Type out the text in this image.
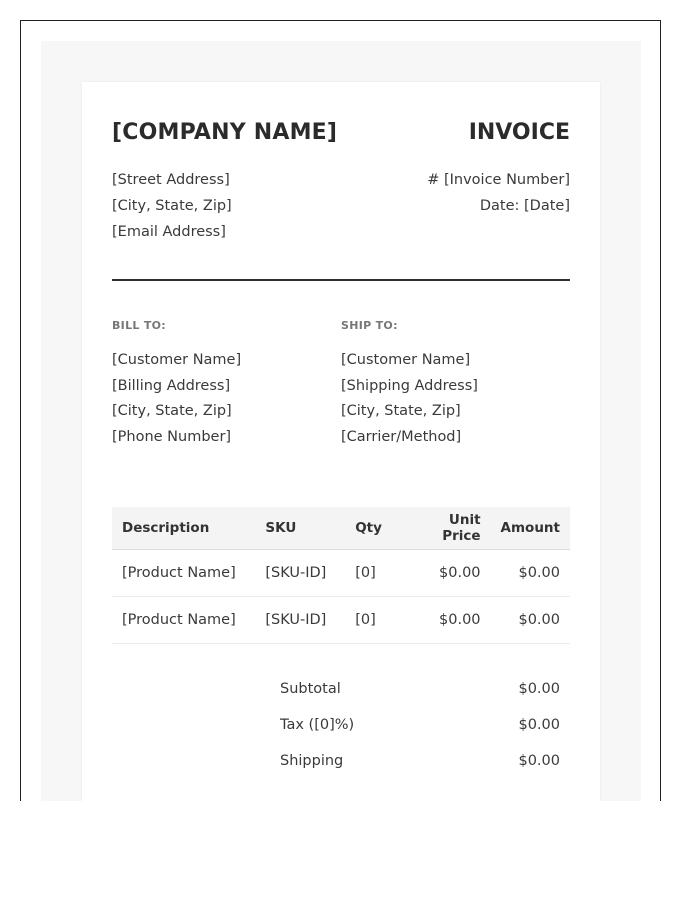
[COMPANY NAME]	INVOICE
[Street Address]
[City, State, Zip]
[Email Address]
# [Invoice Number]
Date: [Date]
BILL TO:
[Customer Name]
[Billing Address]
[City, State, Zip]
[Phone Number]
SHIP TO:
[Customer Name]
[Shipping Address]
[City, State, Zip]
[Carrier/Method]
Description	SKU	Qty	Unit Price	Amount
[Product Name]	[SKU-ID]	[0]	$0.00	$0.00
[Product Name]	[SKU-ID]	[0]	$0.00	$0.00
Subtotal	$0.00
Tax ([0]%)	$0.00
Shipping	$0.00
